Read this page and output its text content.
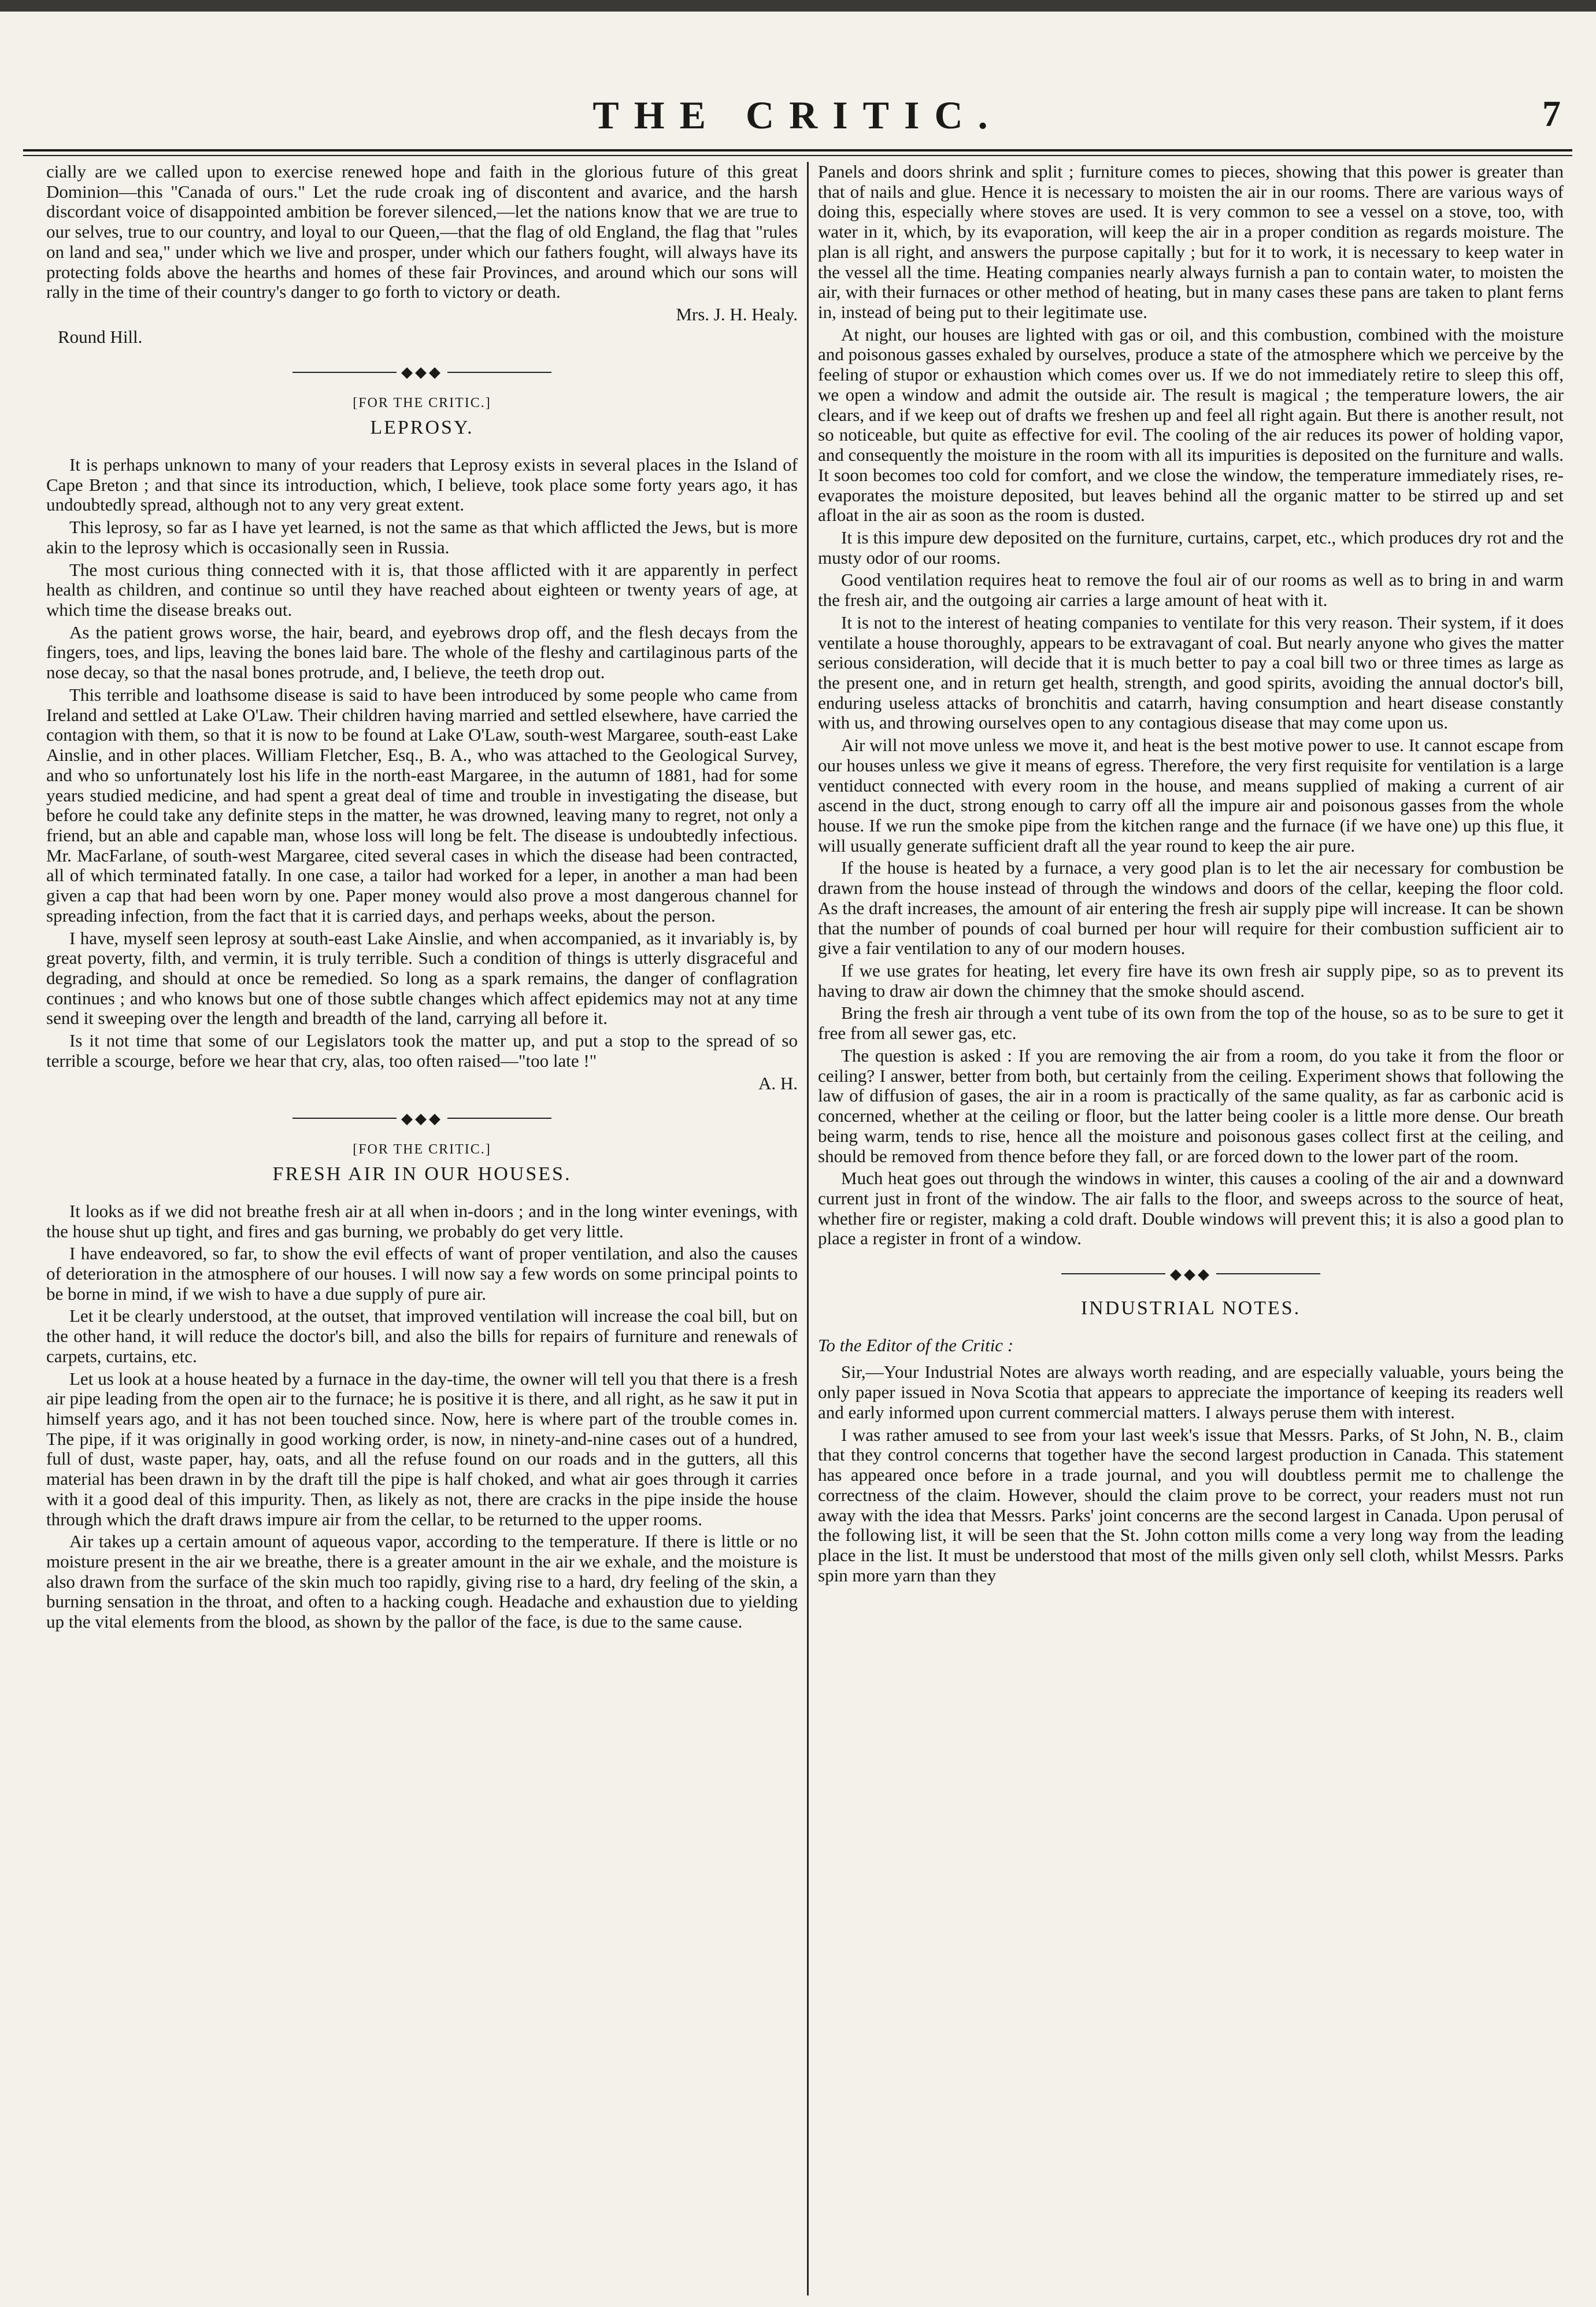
THE CRITIC.	7

cially are we called upon to exercise renewed hope and faith in the glorious future of this great Dominion—this "Canada of ours." Let the rude croak ing of discontent and avarice, and the harsh discordant voice of disappointed ambition be forever silenced,—let the nations know that we are true to our selves, true to our country, and loyal to our Queen,—that the flag of old England, the flag that "rules on land and sea," under which we live and prosper, under which our fathers fought, will always have its protecting folds above the hearths and homes of these fair Provinces, and around which our sons will rally in the time of their country's danger to go forth to victory or death.

Mrs. J. H. Healy.
Round Hill.
◆◆◆
[FOR THE CRITIC.]
LEPROSY.

It is perhaps unknown to many of your readers that Leprosy exists in several places in the Island of Cape Breton ; and that since its introduction, which, I believe, took place some forty years ago, it has undoubtedly spread, although not to any very great extent.

This leprosy, so far as I have yet learned, is not the same as that which afflicted the Jews, but is more akin to the leprosy which is occasionally seen in Russia.

The most curious thing connected with it is, that those afflicted with it are apparently in perfect health as children, and continue so until they have reached about eighteen or twenty years of age, at which time the disease breaks out.

As the patient grows worse, the hair, beard, and eyebrows drop off, and the flesh decays from the fingers, toes, and lips, leaving the bones laid bare. The whole of the fleshy and cartilaginous parts of the nose decay, so that the nasal bones protrude, and, I believe, the teeth drop out.

This terrible and loathsome disease is said to have been introduced by some people who came from Ireland and settled at Lake O'Law. Their children having married and settled elsewhere, have carried the contagion with them, so that it is now to be found at Lake O'Law, south-west Margaree, south-east Lake Ainslie, and in other places. William Fletcher, Esq., B. A., who was attached to the Geological Survey, and who so unfortunately lost his life in the north-east Margaree, in the autumn of 1881, had for some years studied medicine, and had spent a great deal of time and trouble in investigating the disease, but before he could take any definite steps in the matter, he was drowned, leaving many to regret, not only a friend, but an able and capable man, whose loss will long be felt. The disease is undoubtedly infectious. Mr. MacFarlane, of south-west Margaree, cited several cases in which the disease had been contracted, all of which terminated fatally. In one case, a tailor had worked for a leper, in another a man had been given a cap that had been worn by one. Paper money would also prove a most dangerous channel for spreading infection, from the fact that it is carried days, and perhaps weeks, about the person.

I have, myself seen leprosy at south-east Lake Ainslie, and when accompanied, as it invariably is, by great poverty, filth, and vermin, it is truly terrible. Such a condition of things is utterly disgraceful and degrading, and should at once be remedied. So long as a spark remains, the danger of conflagration continues ; and who knows but one of those subtle changes which affect epidemics may not at any time send it sweeping over the length and breadth of the land, carrying all before it.

Is it not time that some of our Legislators took the matter up, and put a stop to the spread of so terrible a scourge, before we hear that cry, alas, too often raised—"too late !"

A. H.
◆◆◆
[FOR THE CRITIC.]
FRESH AIR IN OUR HOUSES.

It looks as if we did not breathe fresh air at all when in-doors ; and in the long winter evenings, with the house shut up tight, and fires and gas burning, we probably do get very little.

I have endeavored, so far, to show the evil effects of want of proper ventilation, and also the causes of deterioration in the atmosphere of our houses. I will now say a few words on some principal points to be borne in mind, if we wish to have a due supply of pure air.

Let it be clearly understood, at the outset, that improved ventilation will increase the coal bill, but on the other hand, it will reduce the doctor's bill, and also the bills for repairs of furniture and renewals of carpets, curtains, etc.

Let us look at a house heated by a furnace in the day-time, the owner will tell you that there is a fresh air pipe leading from the open air to the furnace; he is positive it is there, and all right, as he saw it put in himself years ago, and it has not been touched since. Now, here is where part of the trouble comes in. The pipe, if it was originally in good working order, is now, in ninety-and-nine cases out of a hundred, full of dust, waste paper, hay, oats, and all the refuse found on our roads and in the gutters, all this material has been drawn in by the draft till the pipe is half choked, and what air goes through it carries with it a good deal of this impurity. Then, as likely as not, there are cracks in the pipe inside the house through which the draft draws impure air from the cellar, to be returned to the upper rooms.

Air takes up a certain amount of aqueous vapor, according to the temperature. If there is little or no moisture present in the air we breathe, there is a greater amount in the air we exhale, and the moisture is also drawn from the surface of the skin much too rapidly, giving rise to a hard, dry feeling of the skin, a burning sensation in the throat, and often to a hacking cough. Headache and exhaustion due to yielding up the vital elements from the blood, as shown by the pallor of the face, is due to the same cause.

Panels and doors shrink and split ; furniture comes to pieces, showing that this power is greater than that of nails and glue. Hence it is necessary to moisten the air in our rooms. There are various ways of doing this, especially where stoves are used. It is very common to see a vessel on a stove, too, with water in it, which, by its evaporation, will keep the air in a proper condition as regards moisture. The plan is all right, and answers the purpose capitally ; but for it to work, it is necessary to keep water in the vessel all the time. Heating companies nearly always furnish a pan to contain water, to moisten the air, with their furnaces or other method of heating, but in many cases these pans are taken to plant ferns in, instead of being put to their legitimate use.

At night, our houses are lighted with gas or oil, and this combustion, combined with the moisture and poisonous gasses exhaled by ourselves, produce a state of the atmosphere which we perceive by the feeling of stupor or exhaustion which comes over us. If we do not immediately retire to sleep this off, we open a window and admit the outside air. The result is magical ; the temperature lowers, the air clears, and if we keep out of drafts we freshen up and feel all right again. But there is another result, not so noticeable, but quite as effective for evil. The cooling of the air reduces its power of holding vapor, and consequently the moisture in the room with all its impurities is deposited on the furniture and walls. It soon becomes too cold for comfort, and we close the window, the temperature immediately rises, re-evaporates the moisture deposited, but leaves behind all the organic matter to be stirred up and set afloat in the air as soon as the room is dusted.

It is this impure dew deposited on the furniture, curtains, carpet, etc., which produces dry rot and the musty odor of our rooms.

Good ventilation requires heat to remove the foul air of our rooms as well as to bring in and warm the fresh air, and the outgoing air carries a large amount of heat with it.

It is not to the interest of heating companies to ventilate for this very reason. Their system, if it does ventilate a house thoroughly, appears to be extravagant of coal. But nearly anyone who gives the matter serious consideration, will decide that it is much better to pay a coal bill two or three times as large as the present one, and in return get health, strength, and good spirits, avoiding the annual doctor's bill, enduring useless attacks of bronchitis and catarrh, having consumption and heart disease constantly with us, and throwing ourselves open to any contagious disease that may come upon us.

Air will not move unless we move it, and heat is the best motive power to use. It cannot escape from our houses unless we give it means of egress. Therefore, the very first requisite for ventilation is a large ventiduct connected with every room in the house, and means supplied of making a current of air ascend in the duct, strong enough to carry off all the impure air and poisonous gasses from the whole house. If we run the smoke pipe from the kitchen range and the furnace (if we have one) up this flue, it will usually generate sufficient draft all the year round to keep the air pure.

If the house is heated by a furnace, a very good plan is to let the air necessary for combustion be drawn from the house instead of through the windows and doors of the cellar, keeping the floor cold. As the draft increases, the amount of air entering the fresh air supply pipe will increase. It can be shown that the number of pounds of coal burned per hour will require for their combustion sufficient air to give a fair ventilation to any of our modern houses.

If we use grates for heating, let every fire have its own fresh air supply pipe, so as to prevent its having to draw air down the chimney that the smoke should ascend.

Bring the fresh air through a vent tube of its own from the top of the house, so as to be sure to get it free from all sewer gas, etc.

The question is asked : If you are removing the air from a room, do you take it from the floor or ceiling? I answer, better from both, but certainly from the ceiling. Experiment shows that following the law of diffusion of gases, the air in a room is practically of the same quality, as far as carbonic acid is concerned, whether at the ceiling or floor, but the latter being cooler is a little more dense. Our breath being warm, tends to rise, hence all the moisture and poisonous gases collect first at the ceiling, and should be removed from thence before they fall, or are forced down to the lower part of the room.

Much heat goes out through the windows in winter, this causes a cooling of the air and a downward current just in front of the window. The air falls to the floor, and sweeps across to the source of heat, whether fire or register, making a cold draft. Double windows will prevent this; it is also a good plan to place a register in front of a window.

◆◆◆
INDUSTRIAL NOTES.

To the Editor of the Critic :

Sir,—Your Industrial Notes are always worth reading, and are especially valuable, yours being the only paper issued in Nova Scotia that appears to appreciate the importance of keeping its readers well and early informed upon current commercial matters. I always peruse them with interest.

I was rather amused to see from your last week's issue that Messrs. Parks, of St John, N. B., claim that they control concerns that together have the second largest production in Canada. This statement has appeared once before in a trade journal, and you will doubtless permit me to challenge the correctness of the claim. However, should the claim prove to be correct, your readers must not run away with the idea that Messrs. Parks' joint concerns are the second largest in Canada. Upon perusal of the following list, it will be seen that the St. John cotton mills come a very long way from the leading place in the list. It must be understood that most of the mills given only sell cloth, whilst Messrs. Parks spin more yarn than they
